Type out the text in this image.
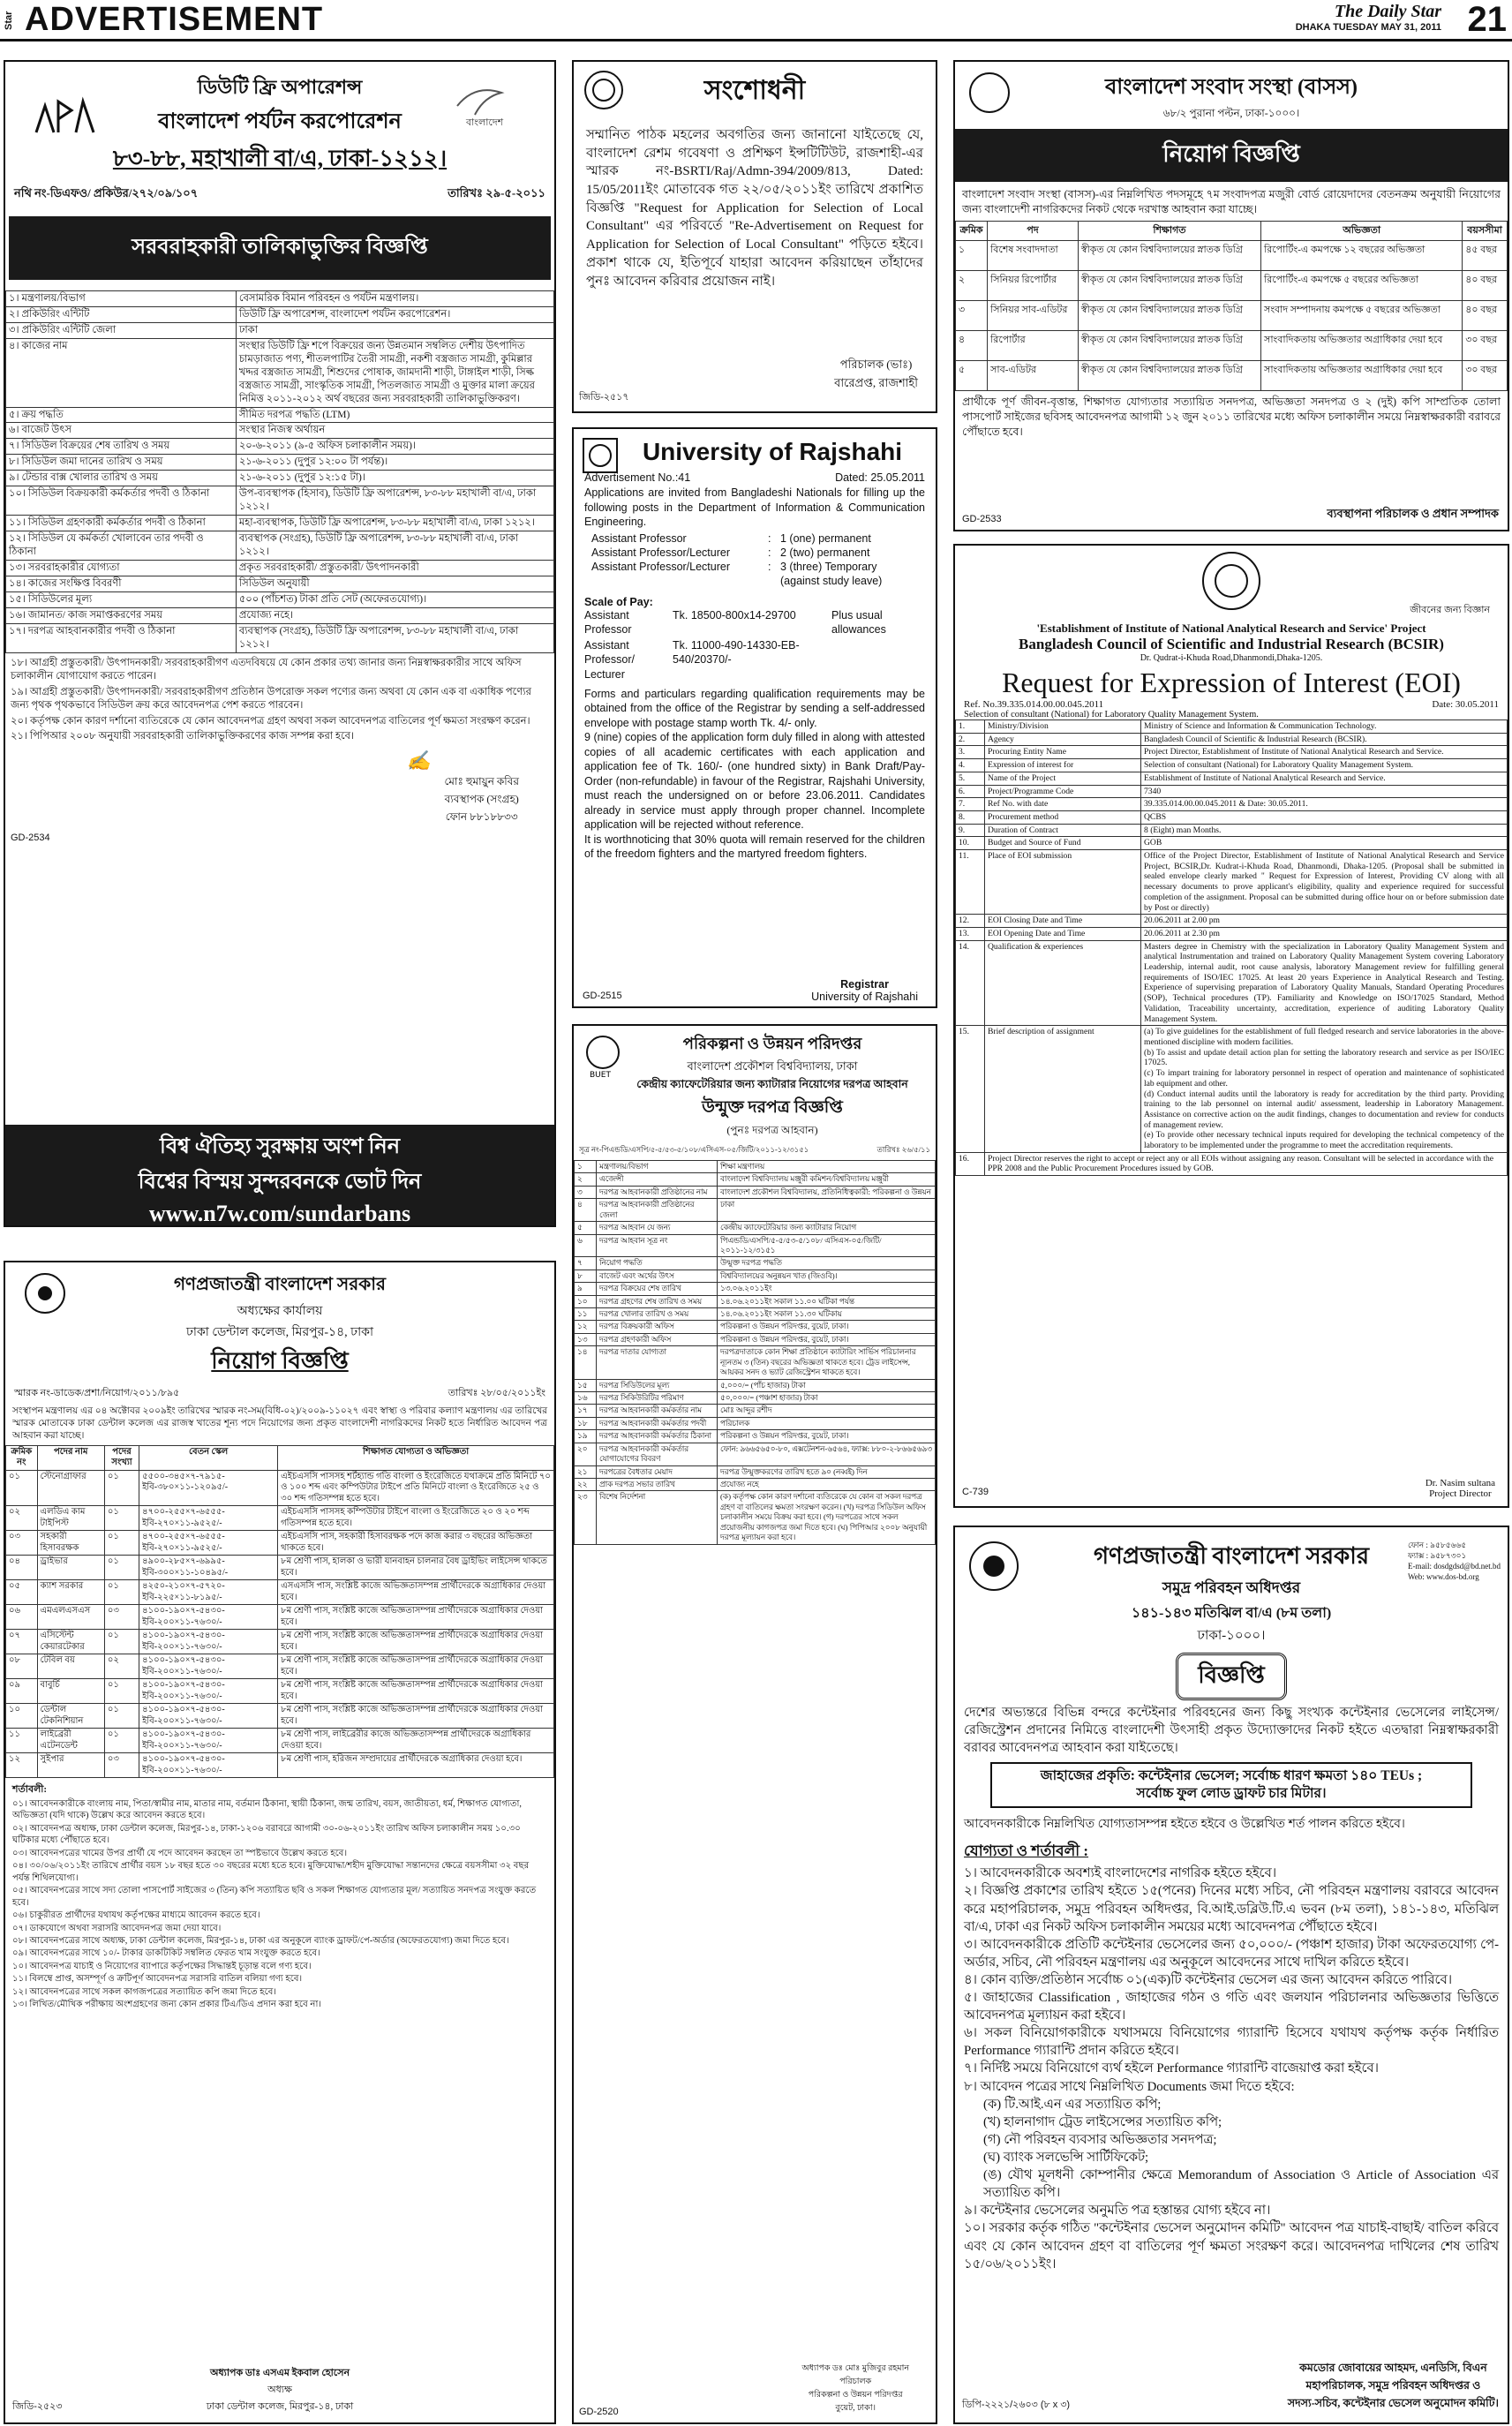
Star ADVERTISEMENT	The Daily Star
DHAKA TUESDAY MAY 31, 2011 21
বাংলাদেশ
ডিউটি ফ্রি অপারেশন্স
বাংলাদেশ পর্যটন করপোরেশন
৮৩-৮৮, মহাখালী বা/এ, ঢাকা-১২১২।
নথি নং-ডিএফও/ প্রকিউর/২৭২/০৯/১০৭	তারিখঃ ২৯-৫-২০১১
সরবরাহকারী তালিকাভুক্তির বিজ্ঞপ্তি
১। মন্ত্রণালয়/বিভাগ	বেসামরিক বিমান পরিবহন ও পর্যটন মন্ত্রণালয়।
২। প্রকিউরিং এন্টিটি	ডিউটি ফ্রি অপারেশন্স, বাংলাদেশ পর্যটন করপোরেশন।
৩। প্রকিউরিং এন্টিটি জেলা	ঢাকা
৪। কাজের নাম	সংস্থার ডিউটি ফ্রি শপে বিক্রয়ের জন্য উন্নতমান সম্বলিত দেশীয় উৎপাদিত চামড়াজাত পণ্য, শীতলপাটির তৈরী সামগ্রী, নকশী বস্ত্রজাত সামগ্রী, কুমিল্লার খদ্দর বস্ত্রজাত সামগ্রী, শিশুদের পোষাক, জামদানী শাড়ী, টাঙ্গাইল শাড়ী, সিল্ক বস্ত্রজাত সামগ্রী, সাংস্কৃতিক সামগ্রী, পিতলজাত সামগ্রী ও মুক্তার মালা ক্রয়ের নিমিত্ত ২০১১-২০১২ অর্থ বছরের জন্য সরবরাহকারী তালিকাভুক্তিকরণ।
৫। ক্রয় পদ্ধতি	সীমিত দরপত্র পদ্ধতি (LTM)
৬। বাজেট উৎস	সংস্থার নিজস্ব অর্থায়ন
৭। সিডিউল বিক্রয়ের শেষ তারিখ ও সময়	২০-৬-২০১১ (৯-৫ অফিস চলাকালীন সময়)।
৮। সিডিউল জমা দানের তারিখ ও সময়	২১-৬-২০১১ (দুপুর ১২:০০ টা পর্যন্ত)।
৯। টেন্ডার বাক্স খোলার তারিখ ও সময়	২১-৬-২০১১ (দুপুর ১২:১৫ টা)।
১০। সিডিউল বিক্রয়কারী কর্মকর্তার পদবী ও ঠিকানা	উপ-ব্যবস্থাপক (হিসাব), ডিউটি ফ্রি অপারেশন্স, ৮৩-৮৮ মহাখালী বা/এ, ঢাকা ১২১২।
১১। সিডিউল গ্রহণকারী কর্মকর্তার পদবী ও ঠিকানা	মহা-ব্যবস্থাপক, ডিউটি ফ্রি অপারেশন্স, ৮৩-৮৮ মহাখালী বা/এ, ঢাকা ১২১২।
১২। সিডিউল যে কর্মকর্তা খোলাবেন তার পদবী ও ঠিকানা	ব্যবস্থাপক (সংগ্রহ), ডিউটি ফ্রি অপারেশন্স, ৮৩-৮৮ মহাখালী বা/এ, ঢাকা ১২১২।
১৩। সরবরাহকারীর যোগ্যতা	প্রকৃত সরবরাহকারী/ প্রস্তুতকারী/ উৎপাদনকারী
১৪। কাজের সংক্ষিপ্ত বিবরণী	সিডিউল অনুযায়ী
১৫। সিডিউলের মূল্য	৫০০ (পাঁচশত) টাকা প্রতি সেট (অফেরতযোগ্য)।
১৬। জামানত/ কাজ সমাপ্তকরণের সময়	প্রযোজ্য নহে।
১৭। দরপত্র আহবানকারীর পদবী ও ঠিকানা	ব্যবস্থাপক (সংগ্রহ), ডিউটি ফ্রি অপারেশন্স, ৮৩-৮৮ মহাখালী বা/এ, ঢাকা ১২১২।
১৮। আগ্রহী প্রস্তুতকারী/ উৎপাদনকারী/ সরবরাহকারীগণ এতদবিষয়ে যে কোন প্রকার তথ্য জানার জন্য নিম্নস্বাক্ষরকারীর সাথে অফিস চলাকালীন যোগাযোগ করতে পারেন।
১৯। আগ্রহী প্রস্তুতকারী/ উৎপাদনকারী/ সরবরাহকারীগণ প্রতিষ্ঠান উপরোক্ত সকল পণ্যের জন্য অথবা যে কোন এক বা একাধিক পণ্যের জন্য পৃথক পৃথকভাবে সিডিউল ক্রয় করে আবেদনপত্র পেশ করতে পারবেন।
২০। কর্তৃপক্ষ কোন কারণ দর্শানো ব্যতিরেকে যে কোন আবেদনপত্র গ্রহণ অথবা সকল আবেদনপত্র বাতিলের পূর্ণ ক্ষমতা সংরক্ষণ করেন।
২১। পিপিআর ২০০৮ অনুযায়ী সরবরাহকারী তালিকাভুক্তিকরণের কাজ সম্পন্ন করা হবে।
✍
মোঃ হুমায়ুন কবির
ব্যবস্থাপক (সংগ্রহ)
ফোন ৮৮১৮৮৩৩
GD-2534
বিশ্ব ঐতিহ্য সুরক্ষায় অংশ নিন
বিশ্বের বিস্ময় সুন্দরবনকে ভোট দিন
www.n7w.com/sundarbans
সংশোধনী
সম্মানিত পাঠক মহলের অবগতির জন্য জানানো যাইতেছে যে, বাংলাদেশ রেশম গবেষণা ও প্রশিক্ষণ ইন্সটিটিউট, রাজশাহী-এর স্মারক নং-BSRTI/Raj/Admn-394/2009/813, Dated: 15/05/2011ইং মোতাবেক গত ২২/০৫/২০১১ইং তারিখে প্রকাশিত বিজ্ঞপ্তি "Request for Application for Selection of Local Consultant" এর পরিবর্তে "Re-Advertisement on Request for Application for Selection of Local Consultant" পড়িতে হইবে। প্রকাশ থাকে যে, ইতিপূর্বে যাহারা আবেদন করিয়াছেন তাঁহাদের পুনঃ আবেদন করিবার প্রয়োজন নাই।
পরিচালক (ভাঃ)
বারেপ্রপ্ত, রাজশাহী
জিডি-২৫১৭
University of Rajshahi
Advertisement No.:41	Dated: 25.05.2011
Applications are invited from Bangladeshi Nationals for filling up the following posts in the Department of Information & Communication Engineering.
Assistant Professor	: 1 (one) permanent
Assistant Professor/Lecturer	: 2 (two) permanent
Assistant Professor/Lecturer	: 3 (three) Temporary (against study leave)
Scale of Pay:
Assistant Professor
Tk. 18500-800x14-29700	Plus usual allowances
Assistant Professor/ Lecturer
Tk. 11000-490-14330-EB-540/20370/-
Forms and particulars regarding qualification requirements may be obtained from the office of the Registrar by sending a self-addressed envelope with postage stamp worth Tk. 4/- only.
9 (nine) copies of the application form duly filled in along with attested copies of all academic certificates with each application and application fee of Tk. 160/- (one hundred sixty) in Bank Draft/Pay-Order (non-refundable) in favour of the Registrar, Rajshahi University, must reach the undersigned on or before 23.06.2011. Candidates already in service must apply through proper channel. Incomplete application will be rejected without reference.
It is worthnoticing that 30% quota will remain reserved for the children of the freedom fighters and the martyred freedom fighters.
Registrar
University of Rajshahi
GD-2515
বাংলাদেশ সংবাদ সংস্থা (বাসস)
৬৮/২ পুরানা পল্টন, ঢাকা-১০০০।
নিয়োগ বিজ্ঞপ্তি
বাংলাদেশ সংবাদ সংস্থা (বাসস)-এর নিম্নলিখিত পদসমূহে ৭ম সংবাদপত্র মজুরী বোর্ড রোয়েদাদের বেতনক্রম অনুযায়ী নিয়োগের জন্য বাংলাদেশী নাগরিকদের নিকট থেকে দরখাস্ত আহবান করা যাচ্ছে।
ক্রমিক	পদ	শিক্ষাগত	অভিজ্ঞতা	বয়সসীমা
১	বিশেষ সংবাদদাতা	স্বীকৃত যে কোন বিশ্ববিদ্যালয়ের স্নাতক ডিগ্রি	রিপোর্টিং-এ কমপক্ষে ১২ বছরের অভিজ্ঞতা	৪৫ বছর
২	সিনিয়র রিপোর্টার	স্বীকৃত যে কোন বিশ্ববিদ্যালয়ের স্নাতক ডিগ্রি	রিপোর্টিং-এ কমপক্ষে ৫ বছরের অভিজ্ঞতা	৪০ বছর
৩	সিনিয়র সাব-এডিটর	স্বীকৃত যে কোন বিশ্ববিদ্যালয়ের স্নাতক ডিগ্রি	সংবাদ সম্পাদনায় কমপক্ষে ৫ বছরের অভিজ্ঞতা	৪০ বছর
৪	রিপোর্টার	স্বীকৃত যে কোন বিশ্ববিদ্যালয়ের স্নাতক ডিগ্রি	সাংবাদিকতায় অভিজ্ঞতার অগ্রাধিকার দেয়া হবে	৩০ বছর
৫	সাব-এডিটর	স্বীকৃত যে কোন বিশ্ববিদ্যালয়ের স্নাতক ডিগ্রি	সাংবাদিকতায় অভিজ্ঞতার অগ্রাধিকার দেয়া হবে	৩০ বছর
প্রার্থীকে পূর্ণ জীবন-বৃত্তান্ত, শিক্ষাগত যোগ্যতার সত্যায়িত সনদপত্র, অভিজ্ঞতা সনদপত্র ও ২ (দুই) কপি সাম্প্রতিক তোলা পাসপোর্ট সাইজের ছবিসহ আবেদনপত্র আগামী ১২ জুন ২০১১ তারিখের মধ্যে অফিস চলাকালীন সময়ে নিম্নস্বাক্ষরকারী বরাবরে পৌঁছাতে হবে।
GD-2533	ব্যবস্থাপনা পরিচালক ও প্রধান সম্পাদক
জীবনের জন্য বিজ্ঞান
'Establishment of Institute of National Analytical Research and Service' Project
Bangladesh Council of Scientific and Industrial Research (BCSIR)
Dr. Qudrat-i-Khuda Road,Dhanmondi,Dhaka-1205.
Request for Expression of Interest (EOI)
Ref. No.39.335.014.00.00.045.2011	Date: 30.05.2011
Selection of consultant (National) for Laboratory Quality Management System.
1.	Ministry/Division	Ministry of Science and Information & Communication Technology.
2.	Agency	Bangladesh Council of Scientific & Industrial Research (BCSIR).
3.	Procuring Entity Name	Project Director, Establishment of Institute of National Analytical Research and Service.
4.	Expression of interest for	Selection of consultant (National) for Laboratory Quality Management System.
5.	Name of the Project	Establishment of Institute of National Analytical Research and Service.
6.	Project/Programme Code	7340
7.	Ref No. with date	39.335.014.00.00.045.2011 & Date: 30.05.2011.
8.	Procurement method	QCBS
9.	Duration of Contract	8 (Eight) man Months.
10.	Budget and Source of Fund	GOB
11.	Place of EOI submission	Office of the Project Director, Establishment of Institute of National Analytical Research and Service Project, BCSIR,Dr. Kudrat-i-Khuda Road, Dhanmondi, Dhaka-1205. (Proposal shall be submitted in sealed envelope clearly marked " Request for Expression of Interest, Providing CV along with all necessary documents to prove applicant's eligibility, quality and experience required for successful completion of the assignment. Proposal can be submitted during office hour on or before submission date by Post or directly)
12.	EOI Closing Date and Time	20.06.2011 at 2.00 pm
13.	EOI Opening Date and Time	20.06.2011 at 2.30 pm
14.	Qualification & experiences	Masters degree in Chemistry with the specialization in Laboratory Quality Management System and analytical Instrumentation and trained on Laboratory Quality Management System covering Laboratory Leadership, internal audit, root cause analysis, laboratory Management review for fulfilling general requirements of ISO/IEC 17025. At least 20 years Experience in Analytical Research and Testing. Experience of supervising preparation of Laboratory Quality Manuals, Standard Operating Procedures (SOP), Technical procedures (TP). Familiarity and Knowledge on ISO/17025 Standard, Method Validation, Traceability uncertainty, accreditation, experience of auditing Laboratory Quality Management System.
15.	Brief description of assignment	(a) To give guidelines for the establishment of full fledged research and service laboratories in the above-mentioned discipline with modern facilities.
(b) To assist and update detail action plan for setting the laboratory research and service as per ISO/IEC 17025.
(c) To impart training for laboratory personnel in respect of operation and maintenance of sophisticated lab equipment and other.
(d) Conduct internal audits until the laboratory is ready for accreditation by the third party. Providing training to the lab personnel on internal audit/ assessment, leadership in Laboratory Management. Assistance on corrective action on the audit findings, changes to documentation and review for conducts of management review.
(e) To provide other necessary technical inputs required for developing the technical competency of the laboratory to be implemented under the programme to meet the accreditation requirements.
16.	Project Director reserves the right to accept or reject any or all EOIs without assigning any reason. Consultant will be selected in accordance with the PPR 2008 and the Public Procurement Procedures issued by GOB.	
Dr. Nasim sultana
Project Director
C-739
গণপ্রজাতন্ত্রী বাংলাদেশ সরকার
অধ্যক্ষের কার্যালয়
ঢাকা ডেন্টাল কলেজ, মিরপুর-১৪, ঢাকা
নিয়োগ বিজ্ঞপ্তি
স্মারক নং-ডাডেক/প্রশা/নিয়োগ/২০১১/৮৯৫	তারিখঃ ২৮/০৫/২০১১ইং
সংস্থাপন মন্ত্রণালয় এর ০৪ অক্টোবর ২০০৯ইং তারিখের স্মারক নং-সম(বিধি-০২)/২০০৯-১১০২৭ এবং স্বাস্থ্য ও পরিবার কল্যাণ মন্ত্রণালয় এর তারিখের স্মারক মোতাবেক ঢাকা ডেন্টাল কলেজ এর রাজস্ব খাতের শূন্য পদে নিয়োগের জন্য প্রকৃত বাংলাদেশী নাগরিকদের নিকট হতে নির্ধারিত আবেদন পত্র আহবান করা যাচ্ছে।
ক্রমিক নং	পদের নাম	পদের সংখ্যা	বেতন স্কেল	শিক্ষাগত যোগ্যতা ও অভিজ্ঞতা
০১	স্টেনোগ্রাফার	০১	৫৫০০-৩৪৫×৭-৭৯১৫-ইবি-৩৮০×১১-১২০৯৫/-	এইচএসসি পাসসহ শর্টহ্যান্ড গতি বাংলা ও ইংরেজিতে যথাক্রমে প্রতি মিনিটে ৭০ ও ১০০ শব্দ এবং কম্পিউটার টাইপে প্রতি মিনিটে বাংলা ও ইংরেজিতে ২৫ ও ৩০ শব্দ গতিসম্পন্ন হতে হবে।
০২	এলডিএ কাম টাইপিস্ট	০১	৪৭০০-২৫৫×৭-৬৫৫৫-ইবি-২৭০×১১-৯৫২৫/-	এইচএসসি পাসসহ কম্পিউটার টাইপে বাংলা ও ইংরেজিতে ২০ ও ২০ শব্দ গতিসম্পন্ন হতে হবে।
০৩	সহকারী হিসাবরক্ষক	০১	৪৭০০-২৫৫×৭-৬৫৫৫-ইবি-২৭০×১১-৯৫২৫/-	এইচএসসি পাস, সহকারী হিসাবরক্ষক পদে কাজ করার ৩ বছরের অভিজ্ঞতা থাকতে হবে।
০৪	ড্রাইভার	০১	৪৯০০-২৮৫×৭-৬৯৯৫-ইবি-৩০০×১১-১০৪৯৫/-	৮ম শ্রেণী পাস, হালকা ও ভারী যানবাহন চালনার বৈধ ড্রাইভিং লাইসেন্স থাকতে হবে।
০৫	ক্যাশ সরকার	০১	৪২৫০-২১০×৭-৫৭২০-ইবি-২২৫×১১-৮১৯৫/-	এসএসসি পাস, সংশ্লিষ্ট কাজে অভিজ্ঞতাসম্পন্ন প্রার্থীদেরকে অগ্রাধিকার দেওয়া হবে।
০৬	এমএলএসএস	০৩	৪১০০-১৯০×৭-৫৪৩০-ইবি-২০০×১১-৭৬৩০/-	৮ম শ্রেণী পাস, সংশ্লিষ্ট কাজে অভিজ্ঞতাসম্পন্ন প্রার্থীদেরকে অগ্রাধিকার দেওয়া হবে।
০৭	এসিস্টেন্ট কেয়ারটেকার	০১	৪১০০-১৯০×৭-৫৪৩০-ইবি-২০০×১১-৭৬৩০/-	৮ম শ্রেণী পাস, সংশ্লিষ্ট কাজে অভিজ্ঞতাসম্পন্ন প্রার্থীদেরকে অগ্রাধিকার দেওয়া হবে।
০৮	টেবিল বয়	০২	৪১০০-১৯০×৭-৫৪৩০-ইবি-২০০×১১-৭৬৩০/-	৮ম শ্রেণী পাস, সংশ্লিষ্ট কাজে অভিজ্ঞতাসম্পন্ন প্রার্থীদেরকে অগ্রাধিকার দেওয়া হবে।
০৯	বাবুর্চি	০১	৪১০০-১৯০×৭-৫৪৩০-ইবি-২০০×১১-৭৬৩০/-	৮ম শ্রেণী পাস, সংশ্লিষ্ট কাজে অভিজ্ঞতাসম্পন্ন প্রার্থীদেরকে অগ্রাধিকার দেওয়া হবে।
১০	ডেন্টাল টেকনিশিয়ান	০১	৪১০০-১৯০×৭-৫৪৩০-ইবি-২০০×১১-৭৬৩০/-	৮ম শ্রেণী পাস, সংশ্লিষ্ট কাজে অভিজ্ঞতাসম্পন্ন প্রার্থীদেরকে অগ্রাধিকার দেওয়া হবে।
১১	লাইব্রেরী এটেনডেন্ট	০১	৪১০০-১৯০×৭-৫৪৩০-ইবি-২০০×১১-৭৬৩০/-	৮ম শ্রেণী পাস, লাইব্রেরীর কাজে অভিজ্ঞতাসম্পন্ন প্রার্থীদেরকে অগ্রাধিকার দেওয়া হবে।
১২	সুইপার	০৩	৪১০০-১৯০×৭-৫৪৩০-ইবি-২০০×১১-৭৬৩০/-	৮ম শ্রেণী পাস, হরিজন সম্প্রদায়ের প্রার্থীদেরকে অগ্রাধিকার দেওয়া হবে।
শর্তাবলী:
০১। আবেদনকারীকে বাংলায় নাম, পিতা/স্বামীর নাম, মাতার নাম, বর্তমান ঠিকানা, স্থায়ী ঠিকানা, জন্ম তারিখ, বয়স, জাতীয়তা, ধর্ম, শিক্ষাগত যোগ্যতা, অভিজ্ঞতা (যদি থাকে) উল্লেখ করে আবেদন করতে হবে।
০২। আবেদনপত্র অধ্যক্ষ, ঢাকা ডেন্টাল কলেজ, মিরপুর-১৪, ঢাকা-১২০৬ বরাবরে আগামী ৩০-০৬-২০১১ইং তারিখ অফিস চলাকালীন সময় ১০.৩০ ঘটিকার মধ্যে পৌঁছাতে হবে।
০৩। আবেদনপত্রের খামের উপর প্রার্থী যে পদে আবেদন করছেন তা স্পষ্টভাবে উল্লেখ করতে হবে।
০৪। ৩০/০৬/২০১১ইং তারিখে প্রার্থীর বয়স ১৮ বছর হতে ৩০ বছরের মধ্যে হতে হবে। মুক্তিযোদ্ধা/শহীদ মুক্তিযোদ্ধা সন্তানদের ক্ষেত্রে বয়সসীমা ৩২ বছর পর্যন্ত শিথিলযোগ্য।
০৫। আবেদনপত্রের সাথে সদ্য তোলা পাসপোর্ট সাইজের ৩ (তিন) কপি সত্যায়িত ছবি ও সকল শিক্ষাগত যোগ্যতার মূল/ সত্যায়িত সনদপত্র সংযুক্ত করতে হবে।
০৬। চাকুরীরত প্রার্থীদের যথাযথ কর্তৃপক্ষের মাধ্যমে আবেদন করতে হবে।
০৭। ডাকযোগে অথবা সরাসরি আবেদনপত্র জমা দেয়া যাবে।
০৮। আবেদনপত্রের সাথে অধ্যক্ষ, ঢাকা ডেন্টাল কলেজ, মিরপুর-১৪, ঢাকা এর অনুকূলে ব্যাংক ড্রাফট/পে-অর্ডার (অফেরতযোগ্য) জমা দিতে হবে।
০৯। আবেদনপত্রের সাথে ১০/- টাকার ডাকটিকিট সম্বলিত ফেরত খাম সংযুক্ত করতে হবে।
১০। আবেদনপত্র যাচাই ও নিয়োগের ব্যাপারে কর্তৃপক্ষের সিদ্ধান্তই চূড়ান্ত বলে গণ্য হবে।
১১। বিলম্বে প্রাপ্ত, অসম্পূর্ণ ও ক্রটিপূর্ণ আবেদনপত্র সরাসরি বাতিল বলিয়া গণ্য হবে।
১২। আবেদনপত্রের সাথে সকল কাগজপত্রের সত্যায়িত কপি জমা দিতে হবে।
১৩। লিখিত/মৌখিক পরীক্ষায় অংশগ্রহণের জন্য কোন প্রকার টিএ/ডিএ প্রদান করা হবে না।
অধ্যাপক ডাঃ এসএম ইকবাল হোসেন
অধ্যক্ষ
ঢাকা ডেন্টাল কলেজ, মিরপুর-১৪, ঢাকা
জিডি-২৫২৩
BUET
পরিকল্পনা ও উন্নয়ন পরিদপ্তর
বাংলাদেশ প্রকৌশল বিশ্ববিদ্যালয়, ঢাকা
কেন্দ্রীয় ক্যাফেটেরিয়ার জন্য ক্যাটারার নিয়োগের দরপত্র আহবান
উন্মুক্ত দরপত্র বিজ্ঞপ্তি
(পুনঃ দরপত্র আহবান)
সূত্র নং-পিএন্ডডি/এসপি/৫-৫/৫৩-৫/১০৮/এসিএস-০৫/জিটি/২০১১-১২/৩১৫১	তারিখঃ ২৬/৫/১১
১	মন্ত্রণালয়/বিভাগ	শিক্ষা মন্ত্রণালয়
২	এজেন্সী	বাংলাদেশ বিশ্ববিদ্যালয় মঞ্জুরী কমিশন/বিশ্ববিদ্যালয় মঞ্জুরী
৩	দরপত্র আহবানকারী প্রতিষ্ঠানের নাম	বাংলাদেশ প্রকৌশল বিশ্ববিদ্যালয়, প্রতিনিধিত্বকারী: পরিকল্পনা ও উন্নয়ন
৪	দরপত্র আহবানকারী প্রতিষ্ঠানের জেলা	ঢাকা
৫	দরপত্র আহবান যে জন্য	কেন্দ্রীয় ক্যাফেটেরিয়ার জন্য ক্যাটারার নিয়োগ
৬	দরপত্র আহবান সূত্র নং	পিএন্ডডি/এসপি/৫-৫/৫৩-৫/১০৮/ এসিএস-০৫/জিটি/২০১১-১২/৩১৫১
৭	নিয়োগ পদ্ধতি	উন্মুক্ত দরপত্র পদ্ধতি
৮	বাজেট এবং অর্থের উৎস	বিশ্ববিদ্যালয়ের অনুন্নয়ন খাত (জিওবি)।
৯	দরপত্র বিক্রয়ের শেষ তারিখ	১৩.০৬.২০১১ইং
১০	দরপত্র গ্রহণের শেষ তারিখ ও সময়	১৪.০৬.২০১১ইং সকাল ১১.০০ ঘটিকা পর্যন্ত
১১	দরপত্র খোলার তারিখ ও সময়	১৪.০৬.২০১১ইং সকাল ১১.৩০ ঘটিকায়
১২	দরপত্র বিক্রয়কারী অফিস	পরিকল্পনা ও উন্নয়ন পরিদপ্তর, বুয়েট, ঢাকা।
১৩	দরপত্র গ্রহণকারী অফিস	পরিকল্পনা ও উন্নয়ন পরিদপ্তর, বুয়েট, ঢাকা।
১৪	দরপত্র দাতার যোগ্যতা	দরপত্রদাতাকে কোন শিক্ষা প্রতিষ্ঠানে ক্যাটারিং সার্ভিস পরিচালনার ন্যূনতম ৩ (তিন) বছরের অভিজ্ঞতা থাকতে হবে। ট্রেড লাইসেন্স, আয়কর সনদ ও ভ্যাট রেজিস্ট্রেশন থাকতে হবে।
১৫	দরপত্র সিডিউলের মূল্য	৫,০০০/= (পাঁচ হাজার) টাকা
১৬	দরপত্র সিকিউরিটির পরিমাণ	৫০,০০০/= (পঞ্চাশ হাজার) টাকা
১৭	দরপত্র আহবানকারী কর্মকর্তার নাম	মোঃ আব্দুর রশীদ
১৮	দরপত্র আহবানকারী কর্মকর্তার পদবী	পরিচালক
১৯	দরপত্র আহবানকারী কর্মকর্তার ঠিকানা	পরিকল্পনা ও উন্নয়ন পরিদপ্তর, বুয়েট, ঢাকা।
২০	দরপত্র আহবানকারী কর্মকর্তার যোগাযোগের বিবরণ	ফোন: ৯৬৬৫৬৫০-৮০, এক্সটেনশন-৬৫৬৪, ফ্যাক্স: ৮৮০-২-৮৬৬৫৬৯৩
২১	দরপত্রের বৈধতার মেয়াদ	দরপত্র উন্মুক্তকরণের তারিখ হতে ৯০ (নব্বই) দিন
২২	প্রাক দরপত্র সভার তারিখ	প্রযোজ্য নহে
২৩	বিশেষ নির্দেশনা	(ক) কর্তৃপক্ষ কোন কারণ দর্শানো ব্যতিরেকে যে কোন বা সকল দরপত্র গ্রহণ বা বাতিলের ক্ষমতা সংরক্ষণ করেন। (খ) দরপত্র সিডিউল অফিস চলাকালীন সময়ে বিক্রয় করা হবে। (গ) দরপত্রের সাথে সকল প্রয়োজনীয় কাগজপত্র জমা দিতে হবে। (ঘ) পিপিআর ২০০৮ অনুযায়ী দরপত্র মূল্যায়ন করা হবে।
অধ্যাপক ডঃ মোঃ মুজিবুর রহমান
পরিচালক
পরিকল্পনা ও উন্নয়ন পরিদপ্তর
বুয়েট, ঢাকা।
GD-2520
ফোন : ৯৫৮৫৬৬৫
ফ্যাক্স : ৯৫৮৭৩০১
E-mail: dosdgdsd@bd.net.bd
Web: www.dos-bd.org
গণপ্রজাতন্ত্রী বাংলাদেশ সরকার
সমুদ্র পরিবহন অধিদপ্তর
১৪১-১৪৩ মতিঝিল বা/এ (৮ম তলা)
ঢাকা-১০০০।
বিজ্ঞপ্তি
দেশের অভ্যন্তরে বিভিন্ন বন্দরে কন্টেইনার পরিবহনের জন্য কিছু সংখ্যক কন্টেইনার ভেসেলের লাইসেন্স/রেজিস্ট্রেশন প্রদানের নিমিত্তে বাংলাদেশী উৎসাহী প্রকৃত উদ্যোক্তাদের নিকট হইতে এতদ্বারা নিম্নস্বাক্ষরকারী বরাবর আবেদনপত্র আহবান করা যাইতেছে।
জাহাজের প্রকৃতি: কন্টেইনার ভেসেল; সর্বোচ্চ ধারণ ক্ষমতা ১৪০ TEUs ;
সর্বোচ্চ ফুল লোড ড্রাফট চার মিটার।
আবেদনকারীকে নিম্নলিখিত যোগ্যতাসম্পন্ন হইতে হইবে ও উল্লেখিত শর্ত পালন করিতে হইবে।
যোগ্যতা ও শর্তাবলী :
১। আবেদনকারীকে অবশ্যই বাংলাদেশের নাগরিক হইতে হইবে।
২। বিজ্ঞপ্তি প্রকাশের তারিখ হইতে ১৫(পনের) দিনের মধ্যে সচিব, নৌ পরিবহন মন্ত্রণালয় বরাবরে আবেদন করে মহাপরিচালক, সমুদ্র পরিবহন অধিদপ্তর, বি.আই.ডব্লিউ.টি.এ ভবন (৮ম তলা), ১৪১-১৪৩, মতিঝিল বা/এ, ঢাকা এর নিকট অফিস চলাকালীন সময়ের মধ্যে আবেদনপত্র পৌঁছাতে হইবে।
৩। আবেদনকারীকে প্রতিটি কন্টেইনার ভেসেলের জন্য ৫০,০০০/- (পঞ্চাশ হাজার) টাকা অফেরতযোগ্য পে-অর্ডার, সচিব, নৌ পরিবহন মন্ত্রণালয় এর অনুকূলে আবেদনের সাথে দাখিল করিতে হইবে।
৪। কোন ব্যক্তি/প্রতিষ্ঠান সর্বোচ্চ ০১(এক)টি কন্টেইনার ভেসেল এর জন্য আবেদন করিতে পারিবে।
৫। জাহাজের Classification , জাহাজের গঠন ও গতি এবং জলযান পরিচালনার অভিজ্ঞতার ভিত্তিতে আবেদনপত্র মূল্যায়ন করা হইবে।
৬। সকল বিনিয়োগকারীকে যথাসময়ে বিনিয়োগের গ্যারান্টি হিসেবে যথাযথ কর্তৃপক্ষ কর্তৃক নির্ধারিত Performance গ্যারান্টি প্রদান করিতে হইবে।
৭। নির্দিষ্ট সময়ে বিনিয়োগে ব্যর্থ হইলে Performance গ্যারান্টি বাজেয়াপ্ত করা হইবে।
৮। আবেদন পত্রের সাথে নিম্নলিখিত Documents জমা দিতে হইবে:
(ক) টি.আই.এন এর সত্যায়িত কপি;
(খ) হালনাগাদ ট্রেড লাইসেন্সের সত্যায়িত কপি;
(গ) নৌ পরিবহন ব্যবসার অভিজ্ঞতার সনদপত্র;
(ঘ) ব্যাংক সলভেন্সি সার্টিফিকেট;
(ঙ) যৌথ মূলধনী কোম্পানীর ক্ষেত্রে Memorandum of Association ও Article of Association এর সত্যায়িত কপি।
৯। কন্টেইনার ভেসেলের অনুমতি পত্র হস্তান্তর যোগ্য হইবে না।
১০। সরকার কর্তৃক গঠিত "কন্টেইনার ভেসেল অনুমোদন কমিটি" আবেদন পত্র যাচাই-বাছাই/ বাতিল করিবে এবং যে কোন আবেদন গ্রহণ বা বাতিলের পূর্ণ ক্ষমতা সংরক্ষণ করে। আবেদনপত্র দাখিলের শেষ তারিখ ১৫/০৬/২০১১ইং।
কমডোর জোবায়ের আহমদ, এনডিসি, বিএন
মহাপরিচালক, সমুদ্র পরিবহন অধিদপ্তর ও
সদস্য-সচিব, কন্টেইনার ভেসেল অনুমোদন কমিটি।
ডিপি-২২২১/২৬০৩ (৮ x ৩)
